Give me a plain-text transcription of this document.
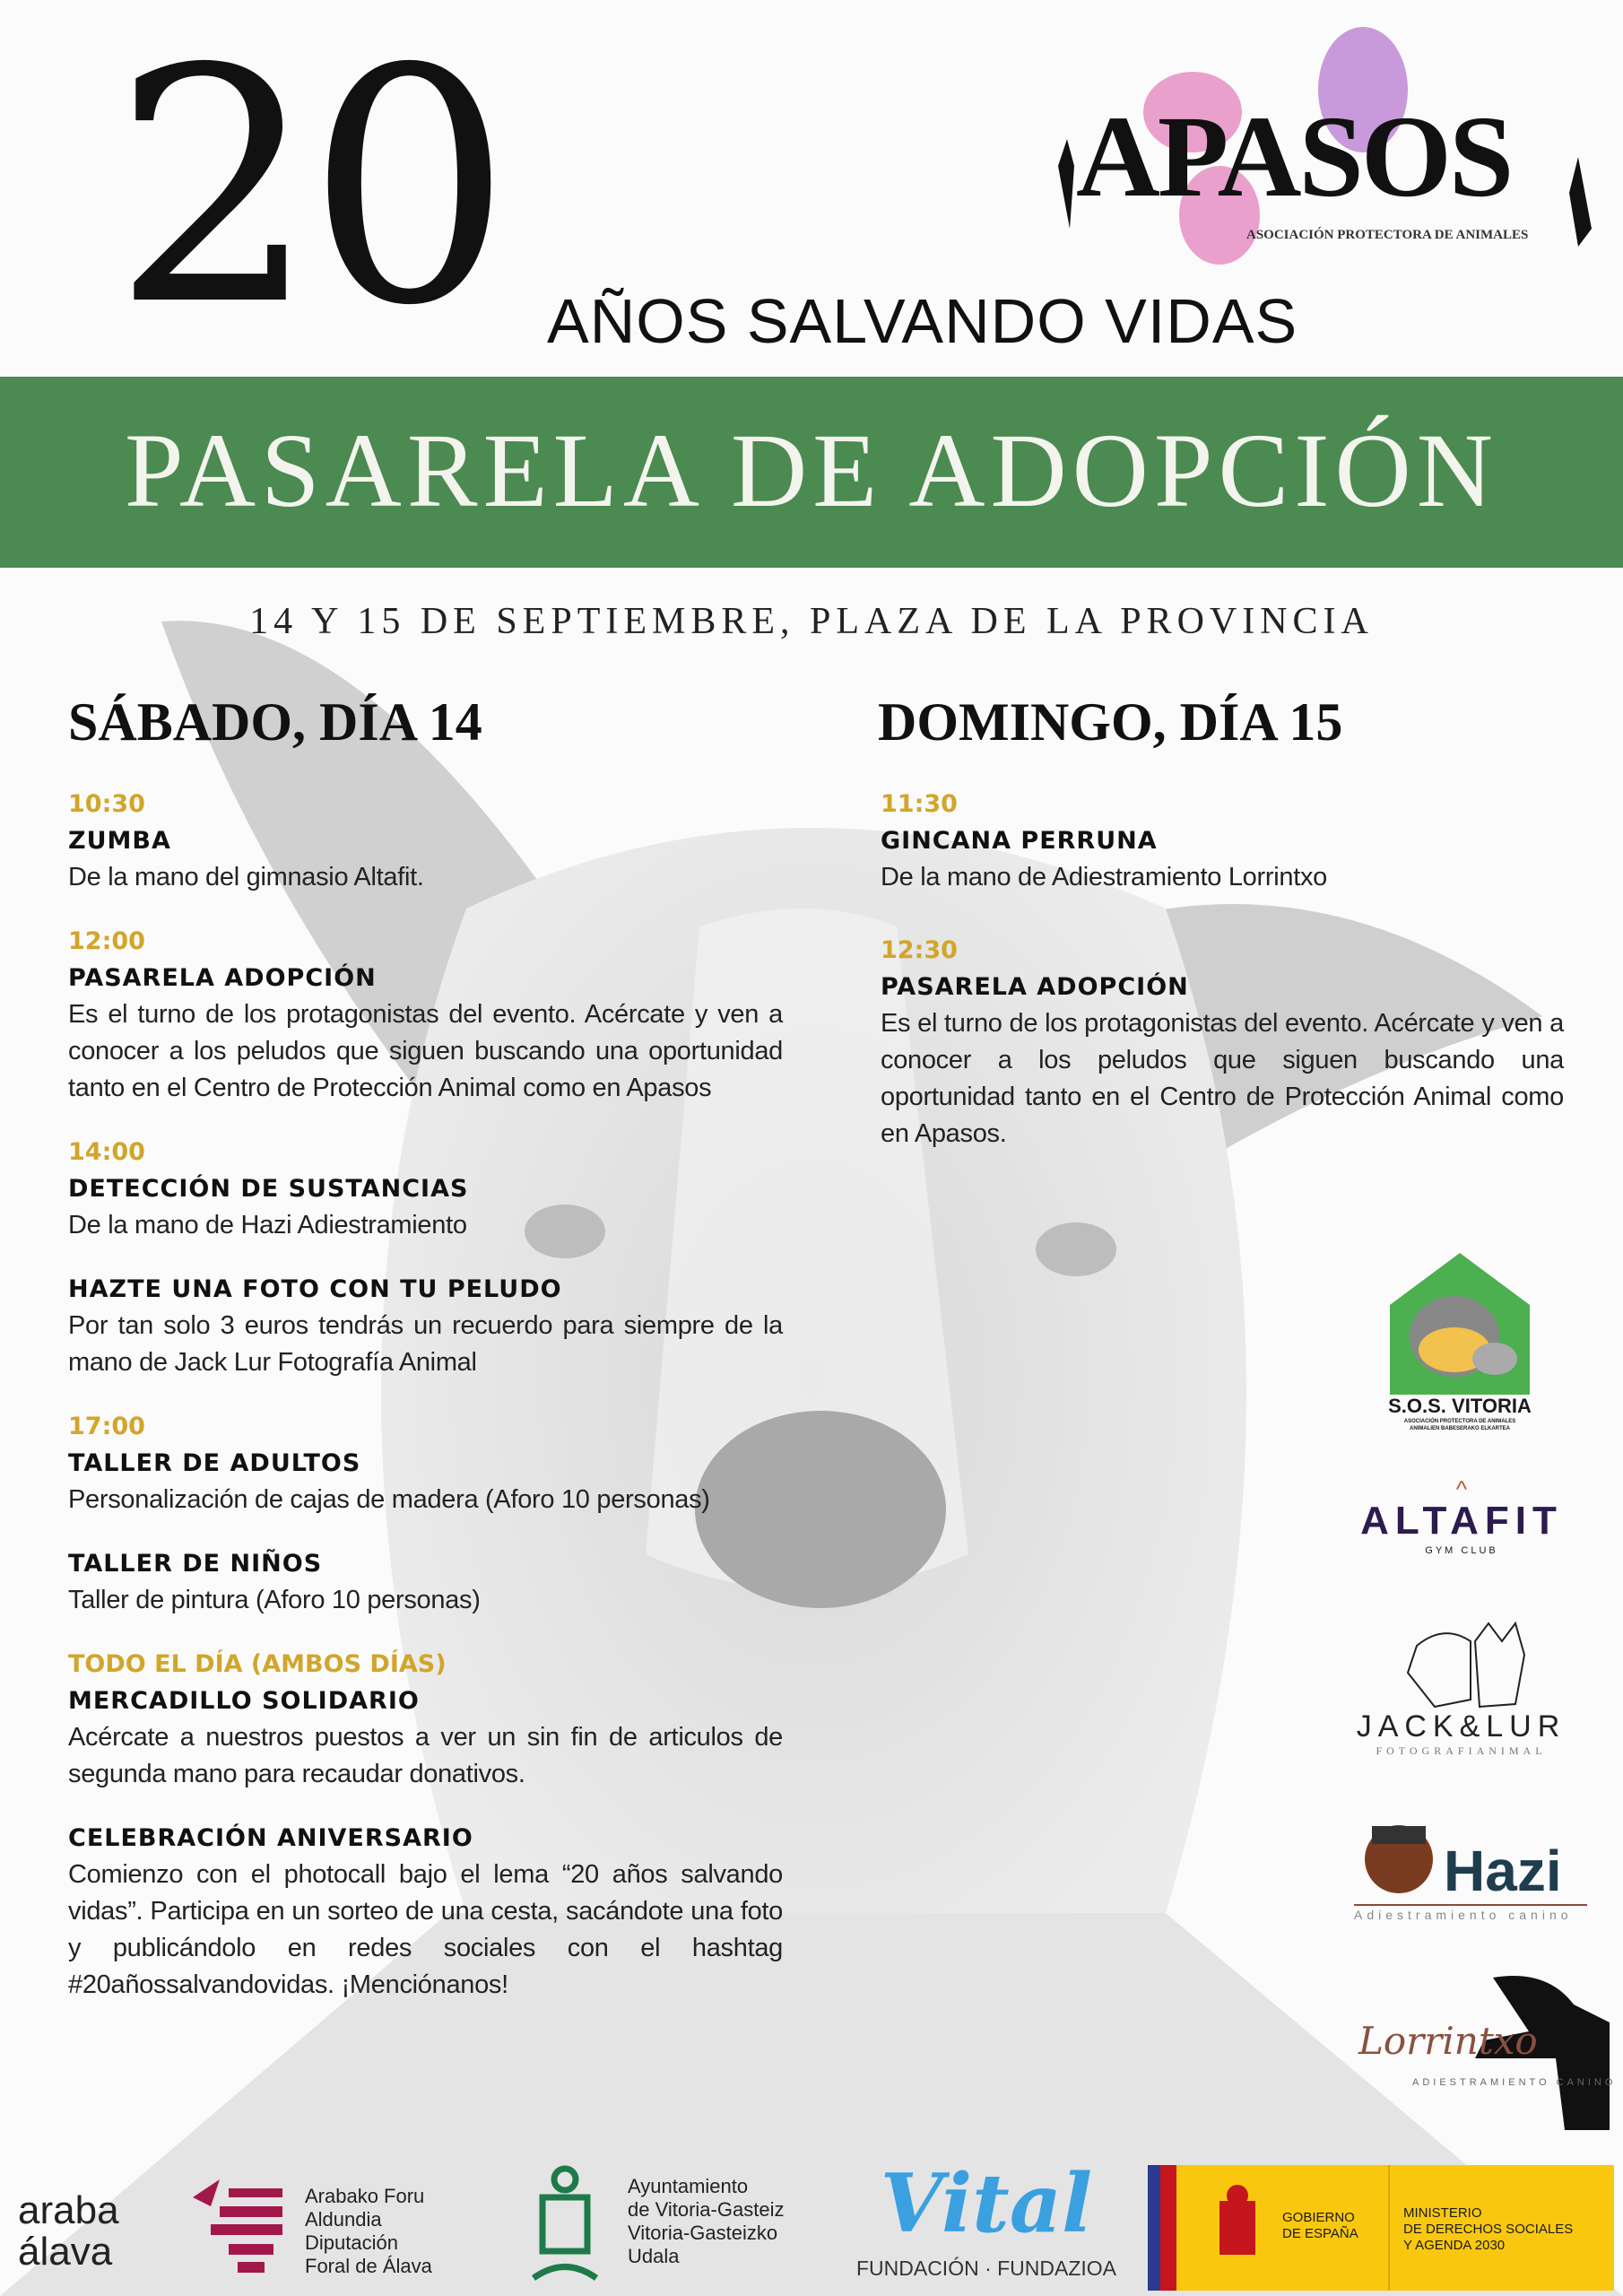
20 AÑOS SALVANDO VIDAS
APASOS
ASOCIACIÓN PROTECTORA DE ANIMALES
PASARELA DE ADOPCIÓN
14 Y 15 DE SEPTIEMBRE, PLAZA DE LA PROVINCIA
SÁBADO, DÍA 14	DOMINGO, DÍA 15
10:30
ZUMBA
De la mano del gimnasio Altafit.
12:00
PASARELA ADOPCIÓN
Es el turno de los protagonistas del evento. Acércate y ven a conocer a los peludos que siguen buscando una oportunidad tanto en el Centro de Protección Animal como en Apasos
14:00
DETECCIÓN DE SUSTANCIAS
De la mano de Hazi Adiestramiento
HAZTE UNA FOTO CON TU PELUDO
Por tan solo 3 euros tendrás un recuerdo para siempre de la mano de Jack Lur Fotografía Animal
17:00
TALLER DE ADULTOS
Personalización de cajas de madera (Aforo 10 personas)
TALLER DE NIÑOS
Taller de pintura (Aforo 10 personas)
TODO EL DÍA (AMBOS DÍAS)
MERCADILLO SOLIDARIO
Acércate a nuestros puestos a ver un sin fin de articulos de segunda mano para recaudar donativos.
CELEBRACIÓN ANIVERSARIO
Comienzo con el photocall bajo el lema “20 años salvando vidas”. Participa en un sorteo de una cesta, sacándote una foto y publicándolo en redes sociales con el hashtag #20añossalvandovidas. ¡Menciónanos!
11:30
GINCANA PERRUNA
De la mano de Adiestramiento Lorrintxo
12:30
PASARELA ADOPCIÓN
Es el turno de los protagonistas del evento. Acércate y ven a conocer a los peludos que siguen buscando una oportunidad tanto en el Centro de Protección Animal como en Apasos.
S.O.S. VITORIA
ASOCIACIÓN PROTECTORA DE ANIMALES
ANIMALIEN BABESERAKO ELKARTEA
^
ALTAFIT
GYM CLUB
JACK&LUR
FOTOGRAFIANIMAL
Hazi
Adiestramiento canino
Lorrintxo
ADIESTRAMIENTO CANINO
araba
álava
Arabako Foru
Aldundia
Diputación
Foral de Álava
Ayuntamiento
de Vitoria-Gasteiz
Vitoria-Gasteizko
Udala
Vital
FUNDACIÓN · FUNDAZIOA
GOBIERNO
DE ESPAÑA
MINISTERIO
DE DERECHOS SOCIALES
Y AGENDA 2030
